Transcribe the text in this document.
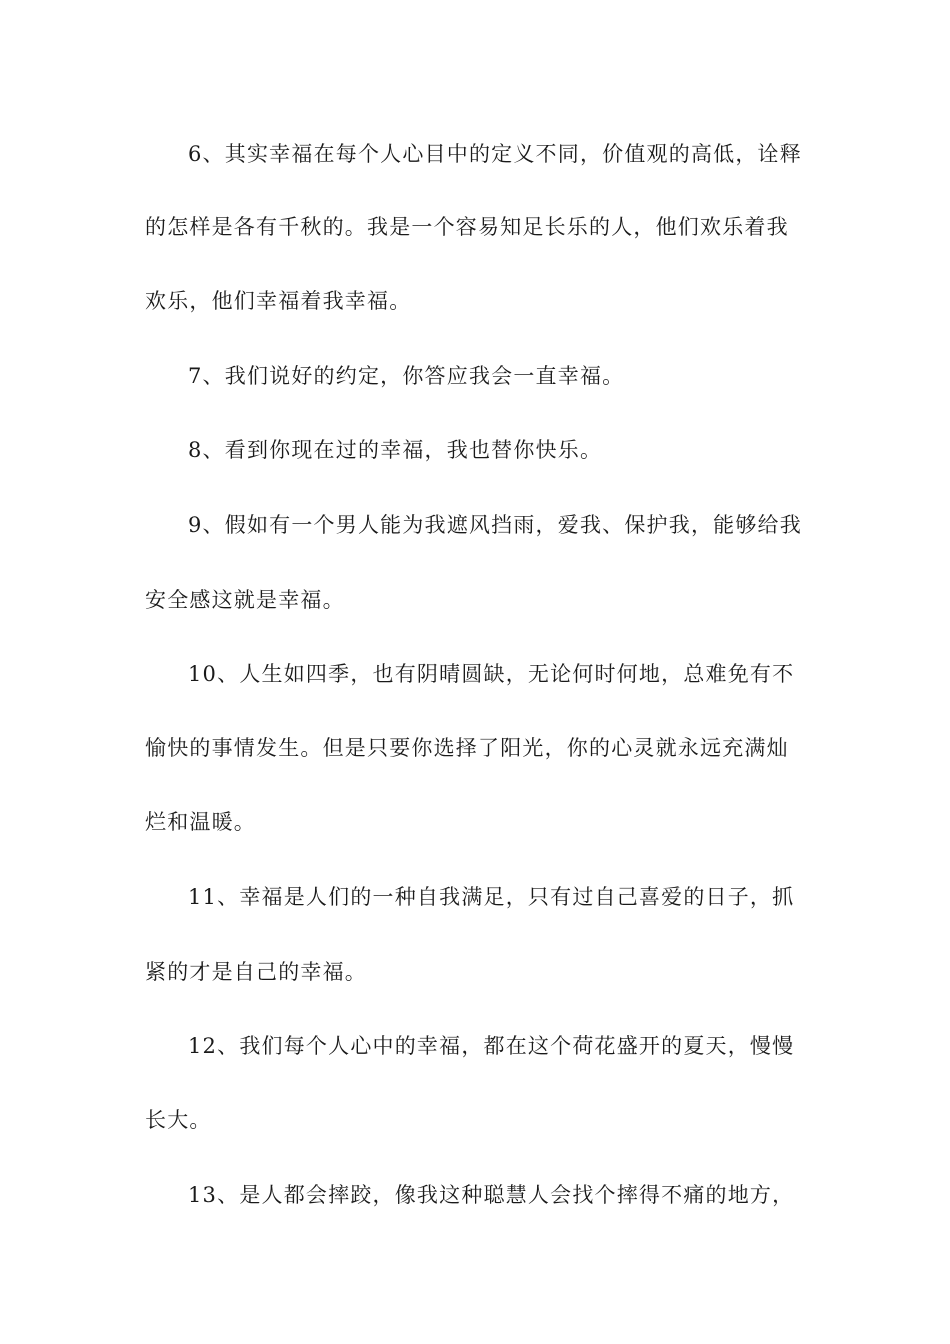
6、其实幸福在每个人心目中的定义不同，价值观的高低，诠释
的怎样是各有千秋的。我是一个容易知足长乐的人，他们欢乐着我
欢乐，他们幸福着我幸福。
7、我们说好的约定，你答应我会一直幸福。
8、看到你现在过的幸福，我也替你快乐。
9、假如有一个男人能为我遮风挡雨，爱我、保护我，能够给我
安全感这就是幸福。
10、人生如四季，也有阴晴圆缺，无论何时何地，总难免有不
愉快的事情发生。但是只要你选择了阳光，你的心灵就永远充满灿
烂和温暖。
11、幸福是人们的一种自我满足，只有过自己喜爱的日子，抓
紧的才是自己的幸福。
12、我们每个人心中的幸福，都在这个荷花盛开的夏天，慢慢
长大。
13、是人都会摔跤，像我这种聪慧人会找个摔得不痛的地方，
